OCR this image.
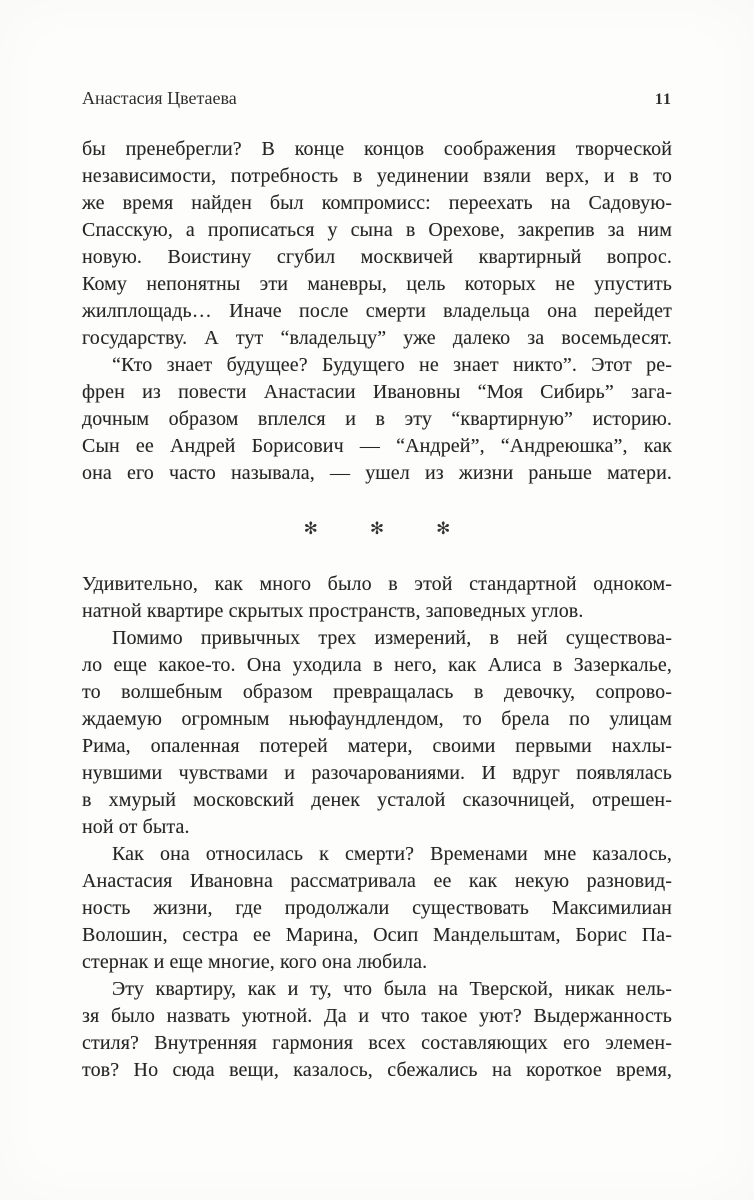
Анастасия Цветаева	11
бы пренебрегли? В конце концов соображения творческой
независимости, потребность в уединении взяли верх, и в то
же время найден был компромисс: переехать на Садовую-
Спасскую, а прописаться у сына в Орехове, закрепив за ним
новую. Воистину сгубил москвичей квартирный вопрос.
Кому непонятны эти маневры, цель которых не упустить
жилплощадь… Иначе после смерти владельца она перейдет
государству. А тут “владельцу” уже далеко за восемьдесят.
“Кто знает будущее? Будущего не знает никто”. Этот ре-
френ из повести Анастасии Ивановны “Моя Сибирь” зага-
дочным образом вплелся и в эту “квартирную” историю.
Сын ее Андрей Борисович — “Андрей”, “Андреюшка”, как
она его часто называла, — ушел из жизни раньше матери.
✻	✻	✻
Удивительно, как много было в этой стандартной одноком-
натной квартире скрытых пространств, заповедных углов.
Помимо привычных трех измерений, в ней существова-
ло еще какое-то. Она уходила в него, как Алиса в Зазеркалье,
то волшебным образом превращалась в девочку, сопрово-
ждаемую огромным ньюфаундлендом, то брела по улицам
Рима, опаленная потерей матери, своими первыми нахлы-
нувшими чувствами и разочарованиями. И вдруг появлялась
в хмурый московский денек усталой сказочницей, отрешен-
ной от быта.
Как она относилась к смерти? Временами мне казалось,
Анастасия Ивановна рассматривала ее как некую разновид-
ность жизни, где продолжали существовать Максимилиан
Волошин, сестра ее Марина, Осип Мандельштам, Борис Па-
стернак и еще многие, кого она любила.
Эту квартиру, как и ту, что была на Тверской, никак нель-
зя было назвать уютной. Да и что такое уют? Выдержанность
стиля? Внутренняя гармония всех составляющих его элемен-
тов? Но сюда вещи, казалось, сбежались на короткое время,
